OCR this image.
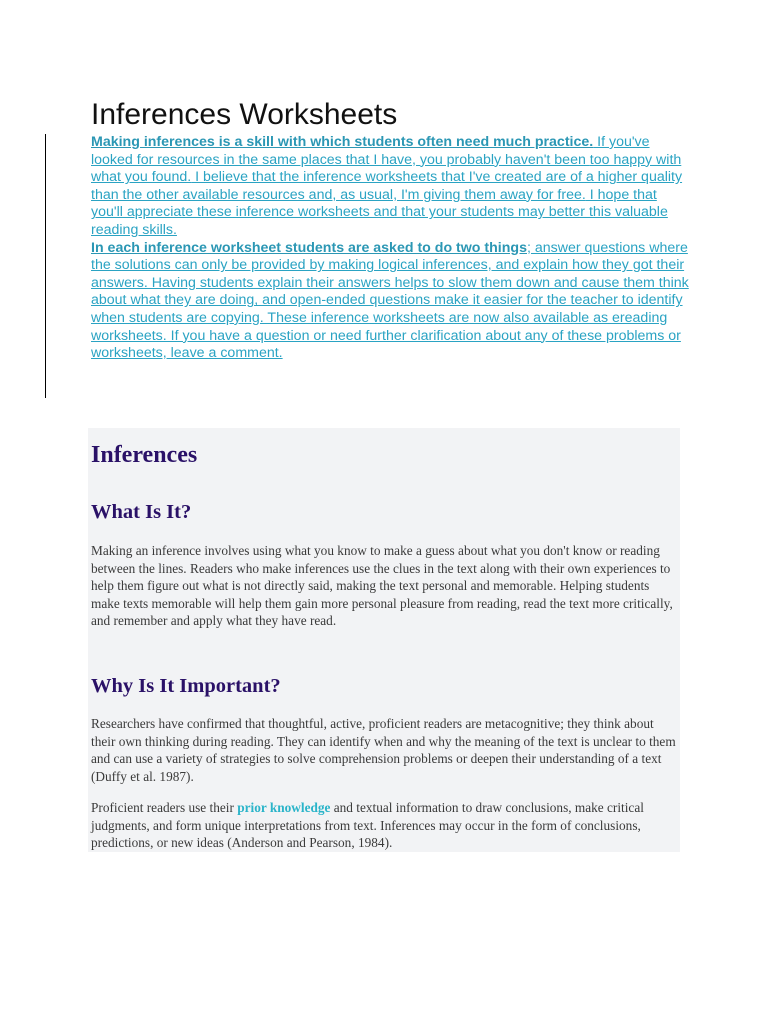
Inferences Worksheets

Making inferences is a skill with which students often need much practice. If you've looked for resources in the same places that I have, you probably haven't been too happy with what you found. I believe that the inference worksheets that I've created are of a higher quality than the other available resources and, as usual, I'm giving them away for free. I hope that you'll appreciate these inference worksheets and that your students may better this valuable reading skills.

In each inference worksheet students are asked to do two things; answer questions where the solutions can only be provided by making logical inferences, and explain how they got their answers. Having students explain their answers helps to slow them down and cause them think about what they are doing, and open-ended questions make it easier for the teacher to identify when students are copying. These inference worksheets are now also available as ereading worksheets. If you have a question or need further clarification about any of these problems or worksheets, leave a comment.

Inferences
What Is It?

Making an inference involves using what you know to make a guess about what you don't know or reading between the lines. Readers who make inferences use the clues in the text along with their own experiences to help them figure out what is not directly said, making the text personal and memorable. Helping students make texts memorable will help them gain more personal pleasure from reading, read the text more critically, and remember and apply what they have read.

Why Is It Important?

Researchers have confirmed that thoughtful, active, proficient readers are metacognitive; they think about their own thinking during reading. They can identify when and why the meaning of the text is unclear to them and can use a variety of strategies to solve comprehension problems or deepen their understanding of a text (Duffy et al. 1987).

Proficient readers use their prior knowledge and textual information to draw conclusions, make critical judgments, and form unique interpretations from text. Inferences may occur in the form of conclusions, predictions, or new ideas (Anderson and Pearson, 1984).
